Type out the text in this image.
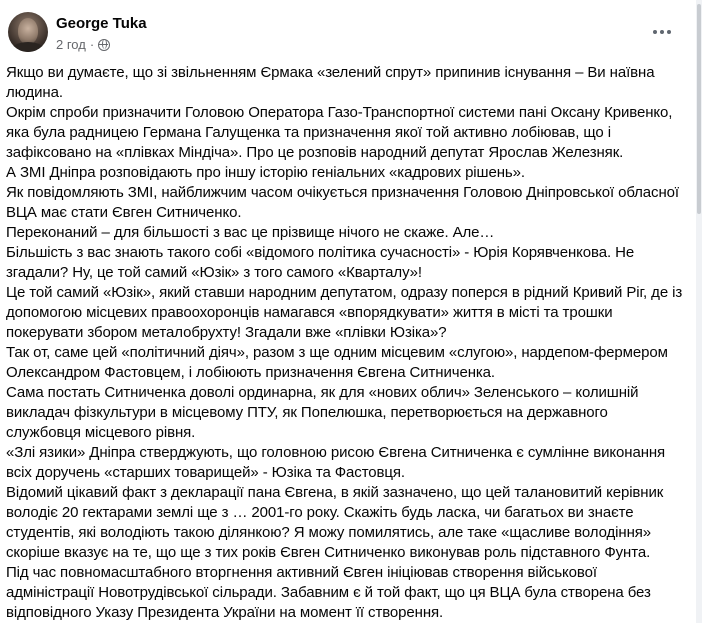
George Tuka
2 год ·

Якщо ви думаєте, що зі звільненням Єрмака «зелений спрут» припинив існування – Ви наївна людина.

Окрім спроби призначити Головою Оператора Газо-Транспортної системи пані Оксану Кривенко, яка була радницею Германа Галущенка та призначення якої той активно лобіював, що і зафіксовано на «плівках Міндіча». Про це розповів народний депутат Ярослав Железняк.

А ЗМІ Дніпра розповідають про іншу історію геніальних «кадрових рішень».

Як повідомляють ЗМІ, найближчим часом очікується призначення Головою Дніпровської обласної ВЦА має стати Євген Ситниченко.

Переконаний – для більшості з вас це прізвище нічого не скаже. Але…

Більшість з вас знають такого собі «відомого політика сучасності» - Юрія Корявченкова. Не згадали? Ну, це той самий «Юзік» з того самого «Кварталу»!

Це той самий «Юзік», який ставши народним депутатом, одразу поперся в рідний Кривий Ріг, де із допомогою місцевих правоохоронців намагався «впорядкувати» життя в місті та трошки покерувати збором металобрухту! Згадали вже «плівки Юзіка»?

Так от, саме цей «політичний діяч», разом з ще одним місцевим «слугою», нардепом-фермером Олександром Фастовцем, і лобіюють призначення Євгена Ситниченка.

Сама постать Ситниченка доволі ординарна, як для «нових облич» Зеленського – колишній викладач фізкультури в місцевому ПТУ, як Попелюшка, перетворюється на державного службовця місцевого рівня.

«Злі язики» Дніпра стверджують, що головною рисою Євгена Ситниченка є сумлінне виконання всіх доручень «старших товарищей» - Юзіка та Фастовця.

Відомий цікавий факт з декларації пана Євгена, в якій зазначено, що цей талановитий керівник володіє 20 гектарами землі ще з … 2001-го року. Скажіть будь ласка, чи багатьох ви знаєте студентів, які володіють такою ділянкою? Я можу помилятись, але таке «щасливе володіння» скоріше вказує на те, що ще з тих років Євген Ситниченко виконував роль підставного Фунта.

Під час повномасштабного вторгнення активний Євген ініціював створення військової адміністрації Новотрудівської сільради. Забавним є й той факт, що ця ВЦА була створена без відповідного Указу Президента України на момент її створення.
